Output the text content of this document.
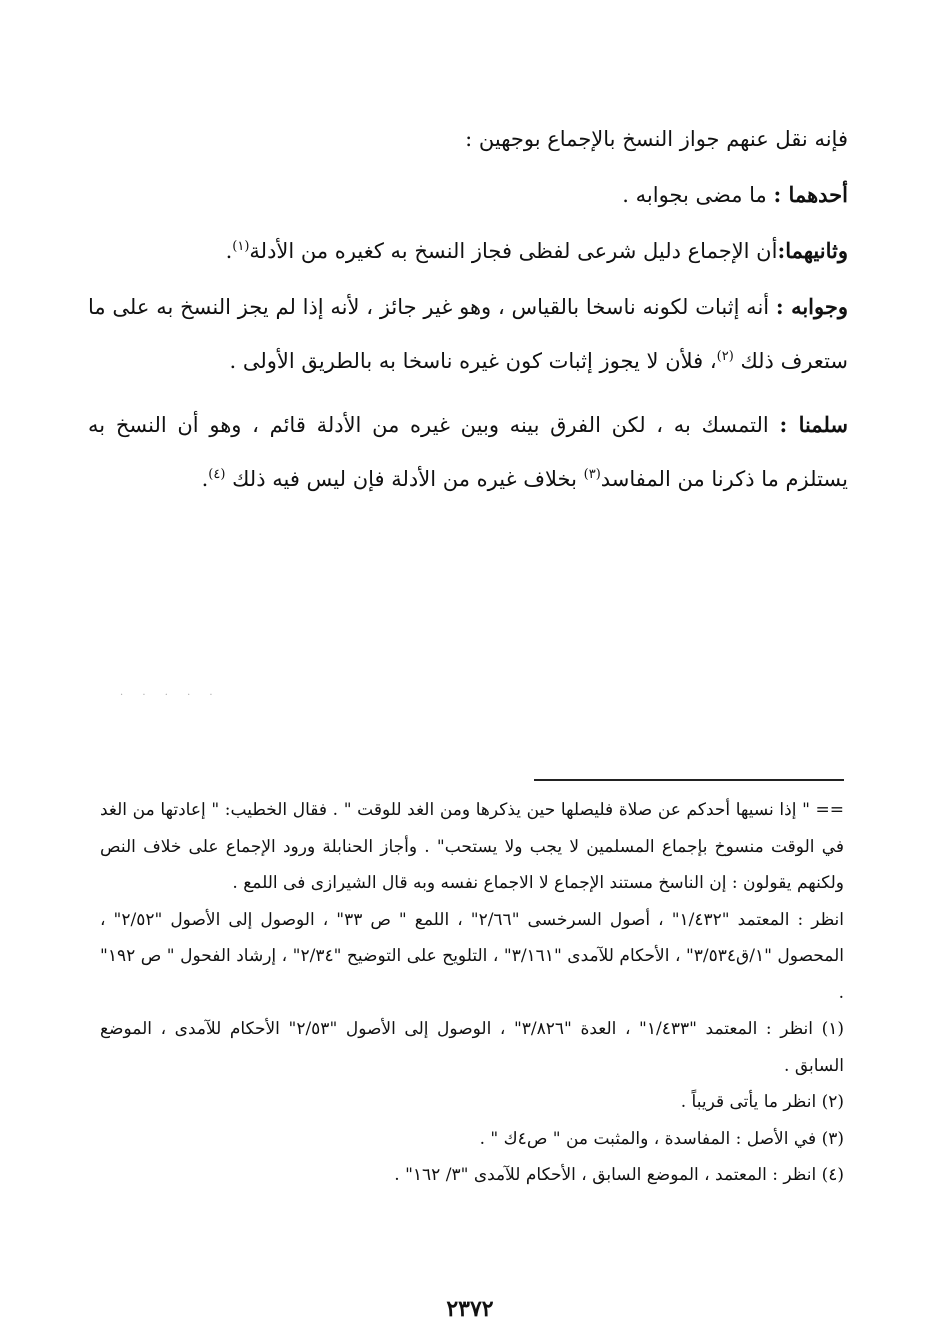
فإنه نقل عنهم جواز النسخ بالإجماع بوجهين :

أحدهما : ما مضى بجوابه .

وثانيهما:أن الإجماع دليل شرعى لفظى فجاز النسخ به كغيره من الأدلة$^{(١)}$.

وجوابه : أنه إثبات لكونه ناسخا بالقياس ، وهو غير جائز ، لأنه إذا لم يجز النسخ به على ما ستعرف ذلك $^{(٢)}$، فلأن لا يجوز إثبات كون غيره ناسخا به بالطريق الأولى .

سلمنا : التمسك به ، لكن الفرق بينه وبين غيره من الأدلة قائم ، وهو أن النسخ به يستلزم ما ذكرنا من المفاسد$^{(٣)}$ بخلاف غيره من الأدلة فإن ليس فيه ذلك $^{(٤)}$.

· · · · ·

== " إذا نسيها أحدكم عن صلاة فليصلها حين يذكرها ومن الغد للوقت " . فقال الخطيب: " إعادتها من الغد في الوقت منسوخ بإجماع المسلمين لا يجب ولا يستحب" . وأجاز الحنابلة ورود الإجماع على خلاف النص ولكنهم يقولون : إن الناسخ مستند الإجماع لا الاجماع نفسه وبه قال الشيرازى فى اللمع .

انظر : المعتمد "١/٤٣٢" ، أصول السرخسى "٢/٦٦" ، اللمع " ص ٣٣" ، الوصول إلى الأصول "٢/٥٢" ، المحصول "١/ق٣/٥٣٤" ، الأحكام للآمدى "٣/١٦١" ، التلويح على التوضيح "٢/٣٤" ، إرشاد الفحول " ص ١٩٢" .

(١) انظر : المعتمد "١/٤٣٣" ، العدة "٣/٨٢٦" ، الوصول إلى الأصول "٢/٥٣" الأحكام للآمدى ، الموضع السابق .

(٢) انظر ما يأتى قريباً .

(٣) في الأصل : المفاسدة ، والمثبت من " ص٤ك " .

(٤) انظر : المعتمد ، الموضع السابق ، الأحكام للآمدى "٣/ ١٦٢" .

٢٣٧٢
